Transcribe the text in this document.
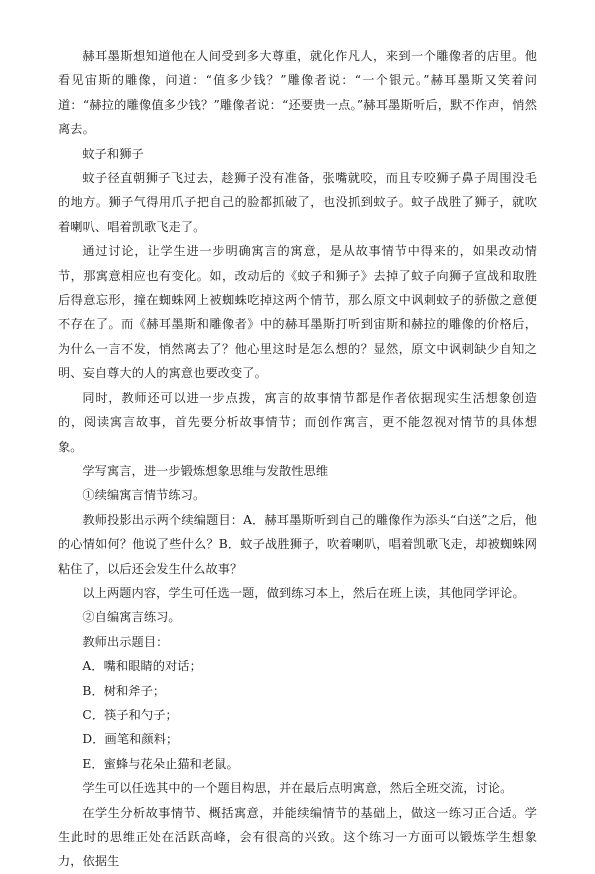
赫耳墨斯想知道他在人间受到多大尊重，就化作凡人，来到一个雕像者的店里。他看见宙斯的雕像，问道：“值多少钱？”雕像者说：“一个银元。”赫耳墨斯又笑着问道：“赫拉的雕像值多少钱？”雕像者说：“还要贵一点。”赫耳墨斯听后，默不作声，悄然离去。

蚊子和狮子

蚊子径直朝狮子飞过去，趁狮子没有准备，张嘴就咬，而且专咬狮子鼻子周围没毛的地方。狮子气得用爪子把自己的脸都抓破了，也没抓到蚊子。蚊子战胜了狮子，就吹着喇叭、唱着凯歌飞走了。

通过讨论，让学生进一步明确寓言的寓意，是从故事情节中得来的，如果改动情节，那寓意相应也有变化。如，改动后的《蚊子和狮子》去掉了蚊子向狮子宣战和取胜后得意忘形，撞在蜘蛛网上被蜘蛛吃掉这两个情节，那么原文中讽刺蚊子的骄傲之意便不存在了。而《赫耳墨斯和雕像者》中的赫耳墨斯打听到宙斯和赫拉的雕像的价格后，为什么一言不发，悄然离去了？他心里这时是怎么想的？显然，原文中讽刺缺少自知之明、妄自尊大的人的寓意也要改变了。

同时，教师还可以进一步点拨，寓言的故事情节都是作者依据现实生活想象创造的，阅读寓言故事，首先要分析故事情节；而创作寓言，更不能忽视对情节的具体想象。

学写寓言，进一步锻炼想象思维与发散性思维

①续编寓言情节练习。

教师投影出示两个续编题目：A．赫耳墨斯听到自己的雕像作为添头“白送”之后，他的心情如何？他说了些什么？B．蚊子战胜狮子，吹着喇叭，唱着凯歌飞走，却被蜘蛛网粘住了，以后还会发生什么故事？

以上两题内容，学生可任选一题，做到练习本上，然后在班上读，其他同学评论。

②自编寓言练习。

教师出示题目：

A．嘴和眼睛的对话；

B．树和斧子；

C．筷子和勺子；

D．画笔和颜料；

E．蜜蜂与花朵止猫和老鼠。

学生可以任选其中的一个题目构思，并在最后点明寓意，然后全班交流，讨论。

在学生分析故事情节、概括寓意，并能续编情节的基础上，做这一练习正合适。学生此时的思维正处在活跃高峰，会有很高的兴致。这个练习一方面可以锻炼学生想象力，依据生
